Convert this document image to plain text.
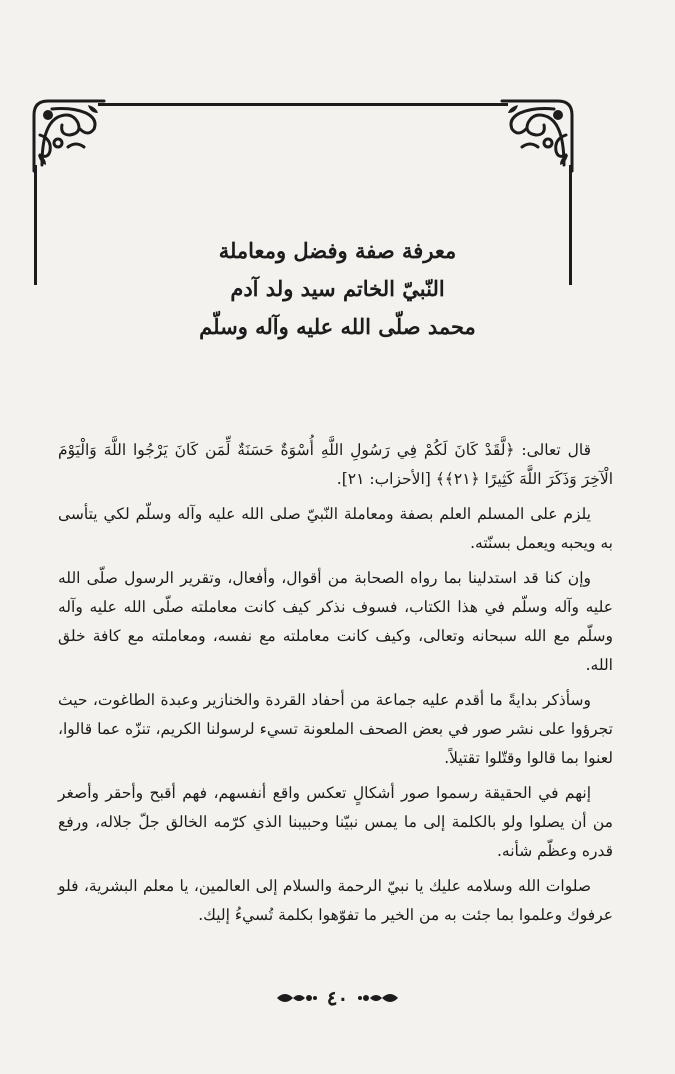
معرفة صفة وفضل ومعاملة

النّبيّ الخاتم سيد ولد آدم

محمد صلّى الله عليه وآله وسلّم

قال تعالى: ﴿لَّقَدْ كَانَ لَكُمْ فِي رَسُولِ اللَّهِ أُسْوَةٌ حَسَنَةٌ لِّمَن كَانَ يَرْجُوا اللَّهَ وَالْيَوْمَ الْآخِرَ وَذَكَرَ اللَّهَ كَثِيرًا ﴿٢١﴾﴾ [الأحزاب: ٢١].

يلزم على المسلم العلم بصفة ومعاملة النّبيّ صلى الله عليه وآله وسلّم لكي يتأسى به ويحبه ويعمل بسنّته.

وإن كنا قد استدلينا بما رواه الصحابة من أقوال، وأفعال، وتقرير الرسول صلّى الله عليه وآله وسلّم في هذا الكتاب، فسوف نذكر كيف كانت معاملته صلّى الله عليه وآله وسلّم مع الله سبحانه وتعالى، وكيف كانت معاملته مع نفسه، ومعاملته مع كافة خلق الله.

وسأذكر بدايةً ما أقدم عليه جماعة من أحفاد القردة والخنازير وعبدة الطاغوت، حيث تجرؤوا على نشر صور في بعض الصحف الملعونة تسيء لرسولنا الكريم، تنزّه عما قالوا، لعنوا بما قالوا وقتّلوا تقتيلاً.

إنهم في الحقيقة رسموا صور أشكالٍ تعكس واقع أنفسهم، فهم أقبح وأحقر وأصغر من أن يصلوا ولو بالكلمة إلى ما يمس نبيّنا وحبيبنا الذي كرّمه الخالق جلّ جلاله، ورفع قدره وعظّم شأنه.

صلوات الله وسلامه عليك يا نبيّ الرحمة والسلام إلى العالمين، يا معلم البشرية، فلو عرفوك وعلموا بما جئت به من الخير ما تفوّهوا بكلمة تُسيءُ إليك.

٤٠
